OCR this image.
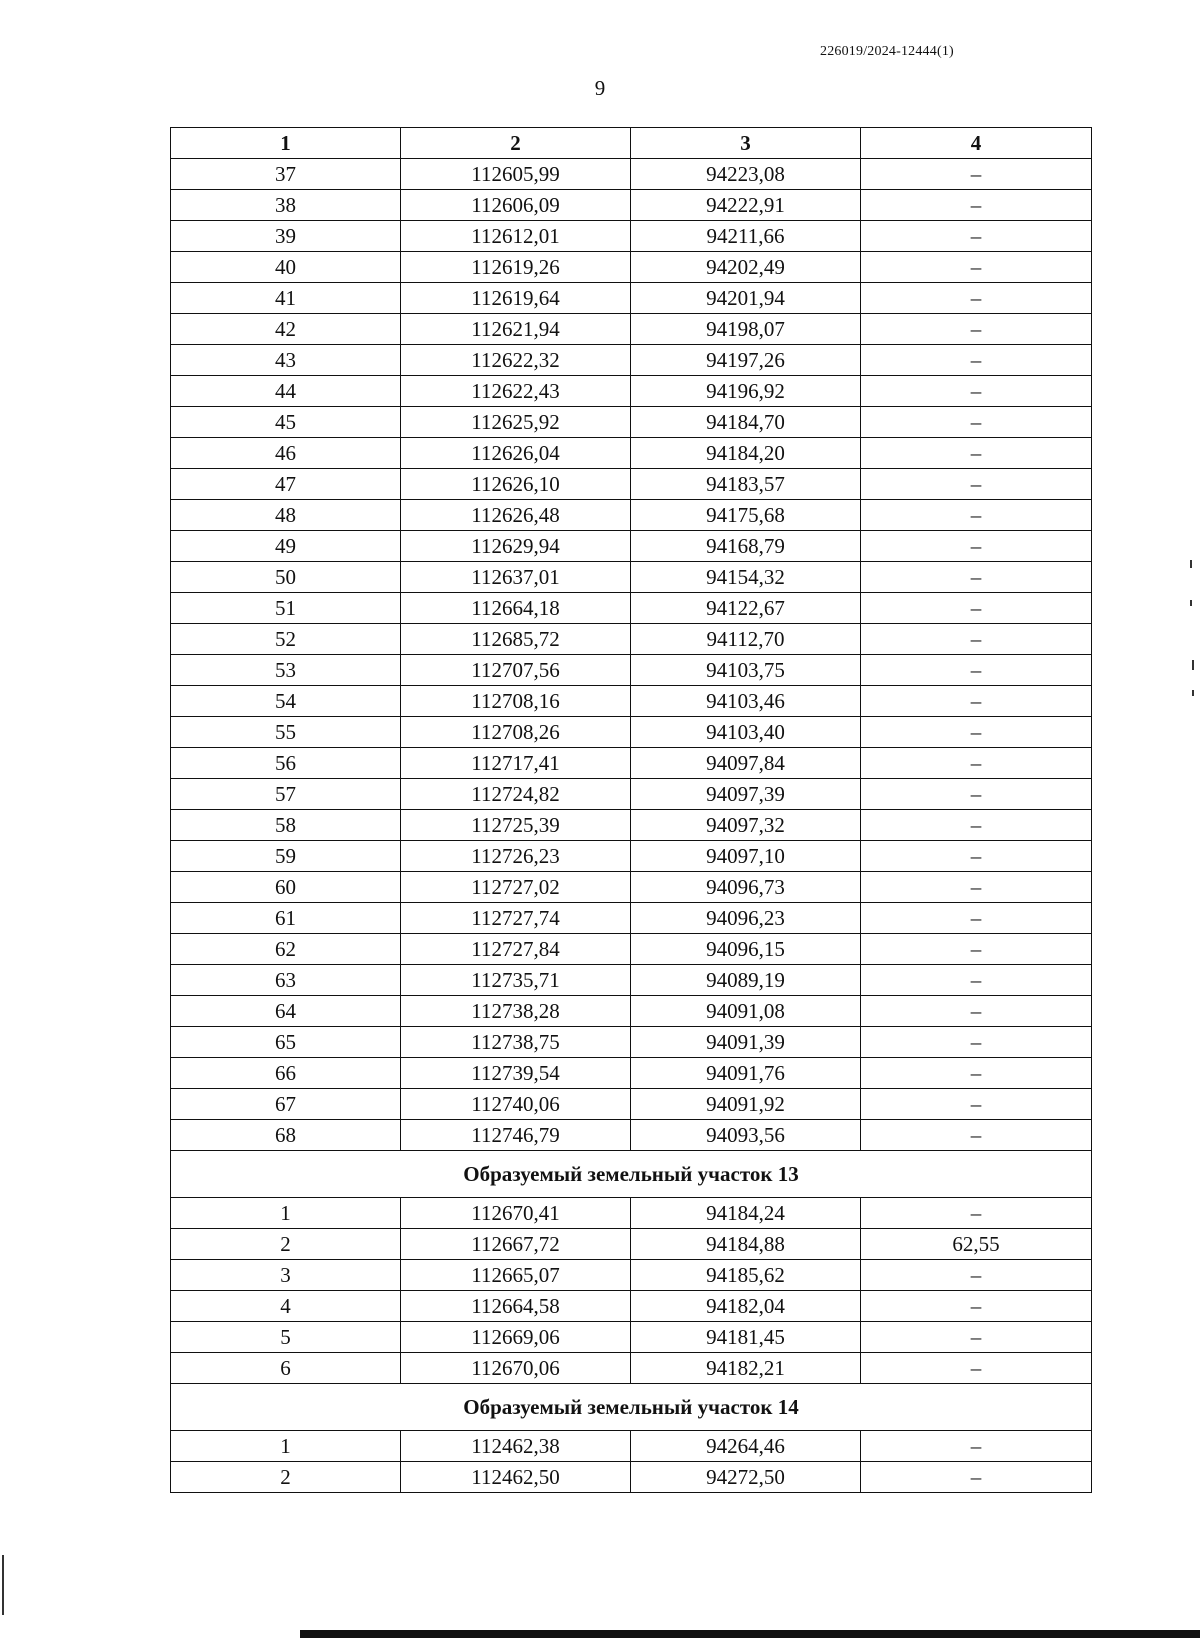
226019/2024-12444(1)
9
1	2	3	4
37	112605,99	94223,08	–
38	112606,09	94222,91	–
39	112612,01	94211,66	–
40	112619,26	94202,49	–
41	112619,64	94201,94	–
42	112621,94	94198,07	–
43	112622,32	94197,26	–
44	112622,43	94196,92	–
45	112625,92	94184,70	–
46	112626,04	94184,20	–
47	112626,10	94183,57	–
48	112626,48	94175,68	–
49	112629,94	94168,79	–
50	112637,01	94154,32	–
51	112664,18	94122,67	–
52	112685,72	94112,70	–
53	112707,56	94103,75	–
54	112708,16	94103,46	–
55	112708,26	94103,40	–
56	112717,41	94097,84	–
57	112724,82	94097,39	–
58	112725,39	94097,32	–
59	112726,23	94097,10	–
60	112727,02	94096,73	–
61	112727,74	94096,23	–
62	112727,84	94096,15	–
63	112735,71	94089,19	–
64	112738,28	94091,08	–
65	112738,75	94091,39	–
66	112739,54	94091,76	–
67	112740,06	94091,92	–
68	112746,79	94093,56	–
Образуемый земельный участок 13			
1	112670,41	94184,24	–
2	112667,72	94184,88	62,55
3	112665,07	94185,62	–
4	112664,58	94182,04	–
5	112669,06	94181,45	–
6	112670,06	94182,21	–
Образуемый земельный участок 14			
1	112462,38	94264,46	–
2	112462,50	94272,50	–
